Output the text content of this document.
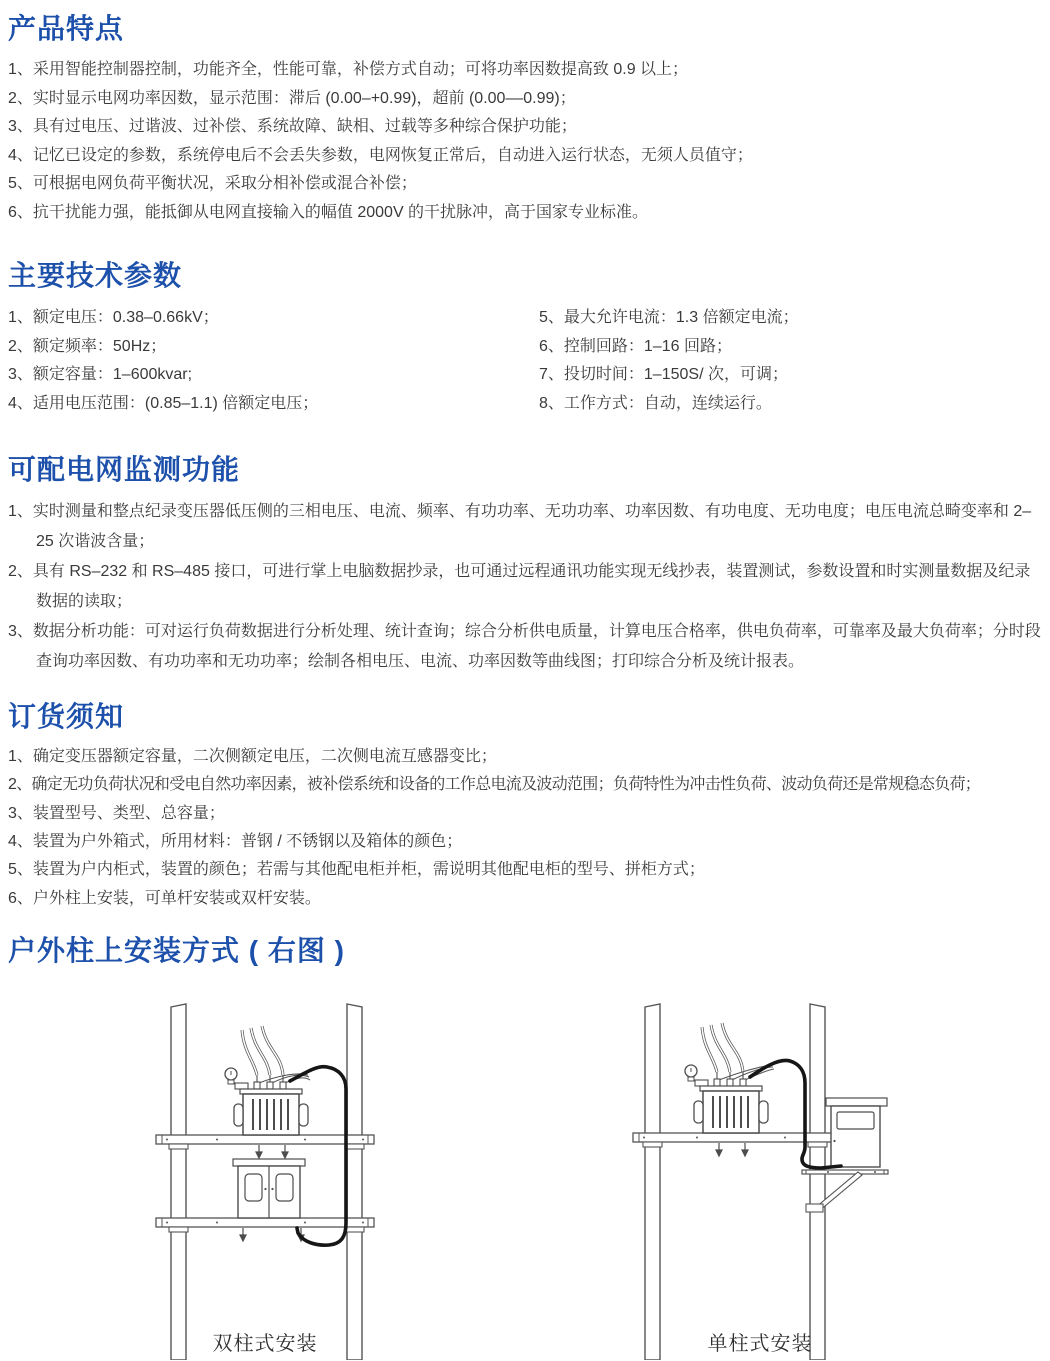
产品特点
1、采用智能控制器控制，功能齐全，性能可靠，补偿方式自动；可将功率因数提高致 0.9 以上；
2、实时显示电网功率因数，显示范围：滞后 (0.00–+0.99)，超前 (0.00––0.99)；
3、具有过电压、过谐波、过补偿、系统故障、缺相、过载等多种综合保护功能；
4、记忆已设定的参数，系统停电后不会丢失参数，电网恢复正常后，自动进入运行状态，无须人员值守；
5、可根据电网负荷平衡状况，采取分相补偿或混合补偿；
6、抗干扰能力强，能抵御从电网直接输入的幅值 2000V 的干扰脉冲，高于国家专业标准。
主要技术参数
1、额定电压：0.38–0.66kV；
2、额定频率：50Hz；
3、额定容量：1–600kvar;
4、适用电压范围：(0.85–1.1) 倍额定电压；
5、最大允许电流：1.3 倍额定电流；
6、控制回路：1–16 回路；
7、投切时间：1–150S/ 次，可调；
8、工作方式：自动，连续运行。
可配电网监测功能
1、实时测量和整点纪录变压器低压侧的三相电压、电流、频率、有功功率、无功功率、功率因数、有功电度、无功电度；电压电流总畸变率和 2–25 次谐波含量；
2、具有 RS–232 和 RS–485 接口，可进行掌上电脑数据抄录，也可通过远程通讯功能实现无线抄表，装置测试，参数设置和时实测量数据及纪录数据的读取；
3、数据分析功能：可对运行负荷数据进行分析处理、统计查询；综合分析供电质量，计算电压合格率，供电负荷率，可靠率及最大负荷率；分时段查询功率因数、有功功率和无功功率；绘制各相电压、电流、功率因数等曲线图；打印综合分析及统计报表。
订货须知
1、确定变压器额定容量，二次侧额定电压，二次侧电流互感器变比；
2、确定无功负荷状况和受电自然功率因素，被补偿系统和设备的工作总电流及波动范围；负荷特性为冲击性负荷、波动负荷还是常规稳态负荷；
3、装置型号、类型、总容量；
4、装置为户外箱式，所用材料：普钢 / 不锈钢以及箱体的颜色；
5、装置为户内柜式，装置的颜色；若需与其他配电柜并柜，需说明其他配电柜的型号、拼柜方式；
6、户外柱上安装，可单杆安装或双杆安装。
户外柱上安装方式 ( 右图 )
双柱式安装	单柱式安装
